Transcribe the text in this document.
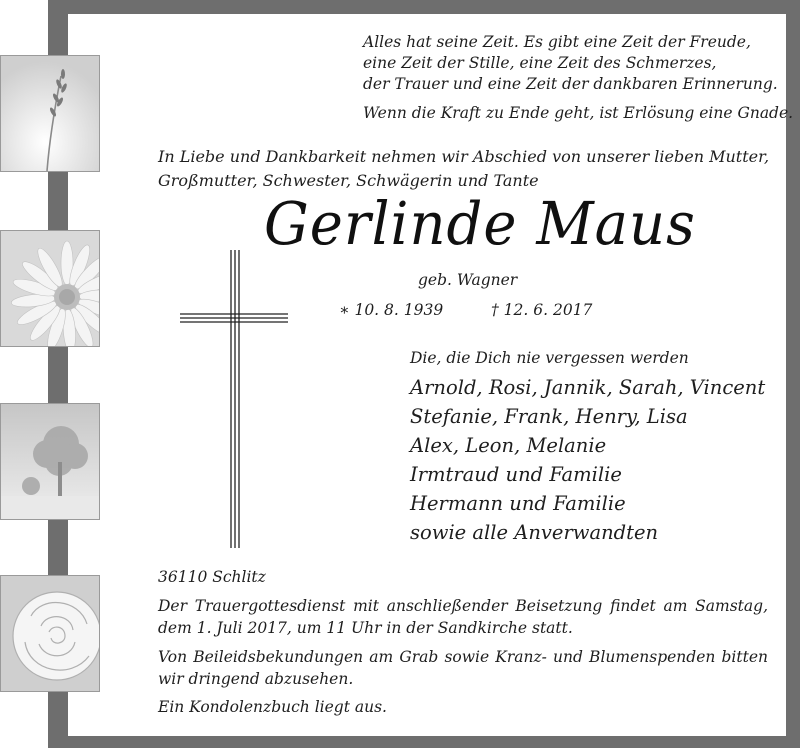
Alles hat seine Zeit. Es gibt eine Zeit der Freude,
eine Zeit der Stille, eine Zeit des Schmerzes,
der Trauer und eine Zeit der dankbaren Erinnerung.
Wenn die Kraft zu Ende geht, ist Erlösung eine Gnade.
In Liebe und Dankbarkeit nehmen wir Abschied von unserer lieben Mutter,
Großmutter, Schwester, Schwägerin und Tante
Gerlinde Maus
geb. Wagner
∗ 10. 8. 1939	† 12. 6. 2017
Die, die Dich nie vergessen werden
Arnold, Rosi, Jannik, Sarah, Vincent
Stefanie, Frank, Henry, Lisa
Alex, Leon, Melanie
Irmtraud und Familie
Hermann und Familie
sowie alle Anverwandten
36110 Schlitz
Der Trauergottesdienst mit anschließender Beisetzung findet am Samstag,
dem 1. Juli 2017, um 11 Uhr in der Sandkirche statt.
Von Beileidsbekundungen am Grab sowie Kranz- und Blumenspenden bitten
wir dringend abzusehen.
Ein Kondolenzbuch liegt aus.
